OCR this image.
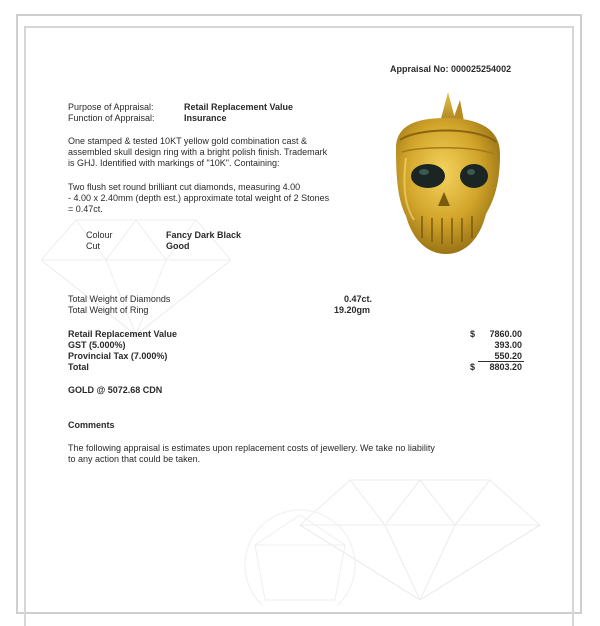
Appraisal No: 000025254002
Purpose of Appraisal:	Retail Replacement Value
Function of Appraisal:	Insurance
One stamped & tested 10KT yellow gold combination cast &
assembled skull design ring with a bright polish finish. Trademark
is GHJ. Identified with markings of "10K". Containing:
Two flush set round brilliant cut diamonds, measuring 4.00
- 4.00 x 2.40mm (depth est.) approximate total weight of 2 Stones
= 0.47ct.
Colour	Fancy Dark Black
Cut	Good
Total Weight of Diamonds	0.47ct.
Total Weight of Ring	19.20gm
Retail Replacement Value	$ 7860.00
GST (5.000%)	393.00
Provincial Tax (7.000%)	550.20
Total	$ 8803.20
GOLD @ 5072.68 CDN
Comments
The following appraisal is estimates upon replacement costs of jewellery. We take no liability
to any action that could be taken.
